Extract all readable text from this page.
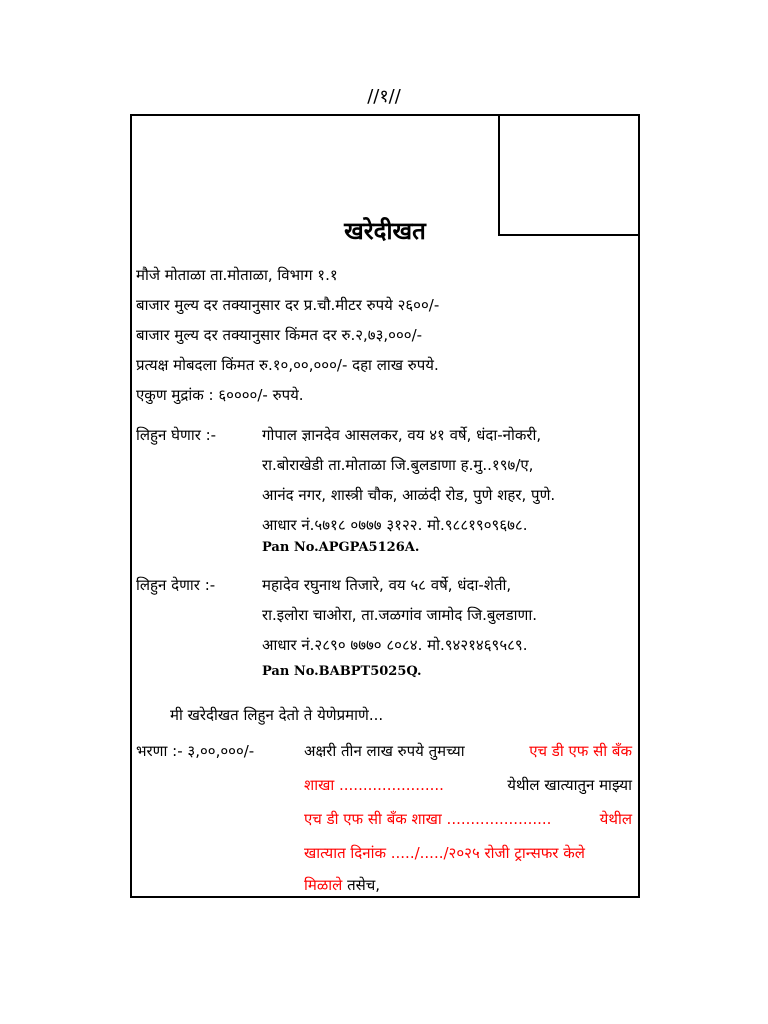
//१//
खरेदीखत
मौजे मोताळा ता.मोताळा, विभाग १.१
बाजार मुल्य दर तक्यानुसार दर प्र.चौ.मीटर रुपये २६००/-
बाजार मुल्य दर तक्यानुसार किंमत दर रु.२,७३,०००/-
प्रत्यक्ष मोबदला किंमत रु.१०,००,०००/- दहा लाख रुपये.
एकुण मुद्रांक : ६००००/- रुपये.
लिहुन घेणार :-	गोपाल ज्ञानदेव आसलकर, वय ४१ वर्षे, धंदा-नोकरी,
रा.बोराखेडी ता.मोताळा जि.बुलडाणा ह.मु..१९७/ए,
आनंद नगर, शास्त्री चौक, आळंदी रोड, पुणे शहर, पुणे.
आधार नं.५७१८ ०७७७ ३१२२. मो.९८८१९०९६७८.
Pan No.APGPA5126A.
लिहुन देणार :-	महादेव रघुनाथ तिजारे, वय ५८ वर्षे, धंदा-शेती,
रा.इलोरा चाओरा, ता.जळगांव जामोद जि.बुलडाणा.
आधार नं.२८९० ७७७० ८०८४. मो.९४२१४६९५८९.
Pan No.BABPT5025Q.
मी खरेदीखत लिहुन देतो ते येणेप्रमाणे...
भरणा :- ३,००,०००/-	अक्षरी तीन लाख रुपये तुमच्या	एच डी एफ सी बॅंक
शाखा ......................	येथील खात्यातुन माझ्या
एच डी एफ सी बॅंक शाखा ......................	येथील
खात्यात दिनांक ...../...../२०२५ रोजी ट्रान्सफर केले
मिळाले तसेच,
